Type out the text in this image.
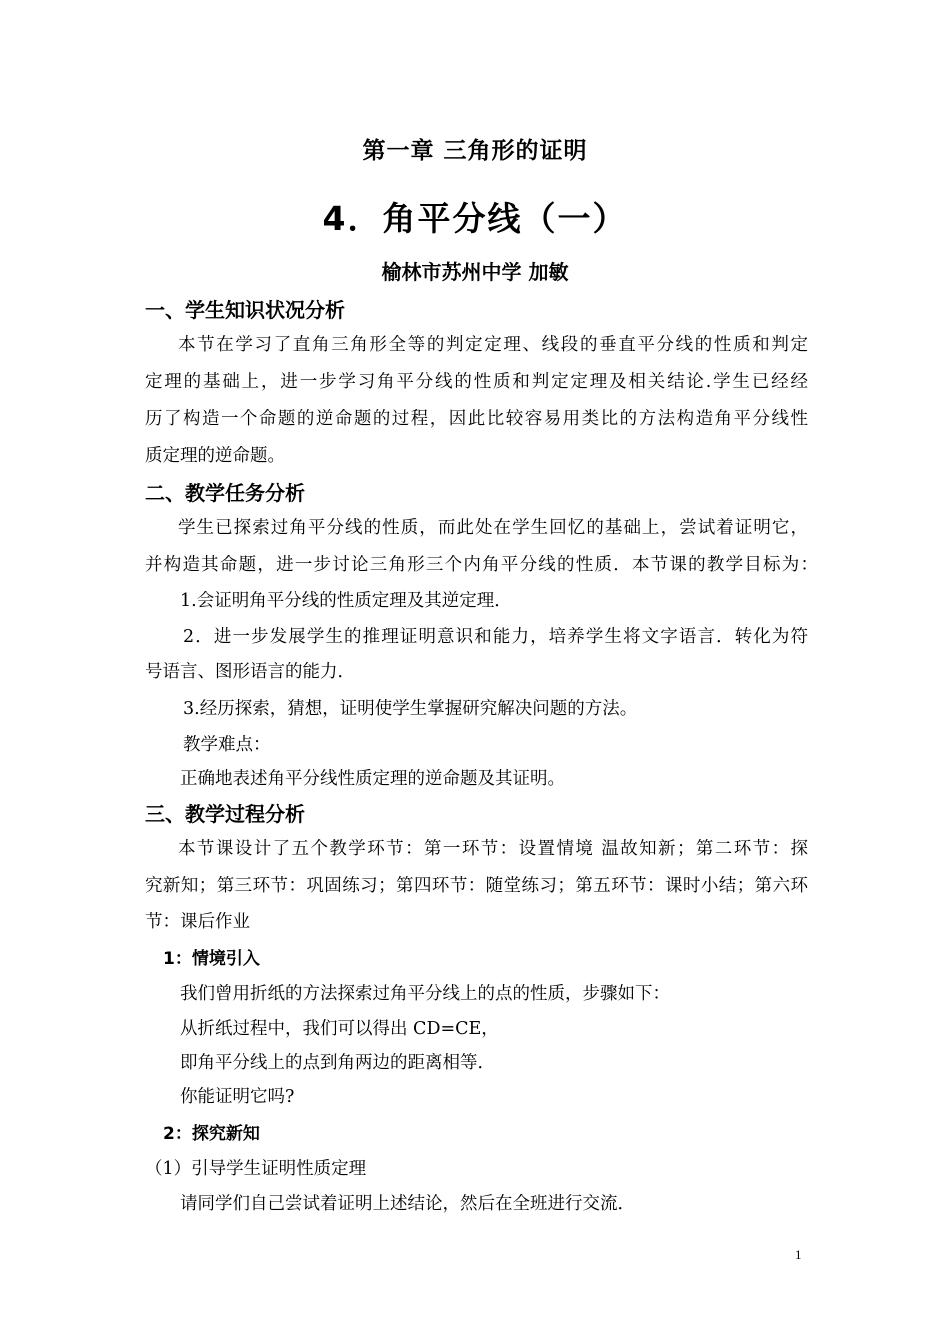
第一章 三角形的证明
4．角平分线（一）
榆林市苏州中学 加敏
一、学生知识状况分析
本节在学习了直角三角形全等的判定定理、线段的垂直平分线的性质和判定
定理的基础上，进一步学习角平分线的性质和判定定理及相关结论.学生已经经
历了构造一个命题的逆命题的过程，因此比较容易用类比的方法构造角平分线性
质定理的逆命题。
二、教学任务分析
学生已探索过角平分线的性质，而此处在学生回忆的基础上，尝试着证明它，
并构造其命题，进一步讨论三角形三个内角平分线的性质．本节课的教学目标为：
1.会证明角平分线的性质定理及其逆定理．
2．进一步发展学生的推理证明意识和能力，培养学生将文字语言．转化为符
号语言、图形语言的能力．
3.经历探索，猜想，证明使学生掌握研究解决问题的方法。
教学难点：
正确地表述角平分线性质定理的逆命题及其证明。
三、教学过程分析
本节课设计了五个教学环节：第一环节：设置情境 温故知新；第二环节：探
究新知；第三环节：巩固练习；第四环节：随堂练习；第五环节：课时小结；第六环
节：课后作业
1：情境引入
我们曾用折纸的方法探索过角平分线上的点的性质，步骤如下：
从折纸过程中，我们可以得出 CD=CE，
即角平分线上的点到角两边的距离相等．
你能证明它吗?
2：探究新知
（1）引导学生证明性质定理
请同学们自己尝试着证明上述结论，然后在全班进行交流．
1
